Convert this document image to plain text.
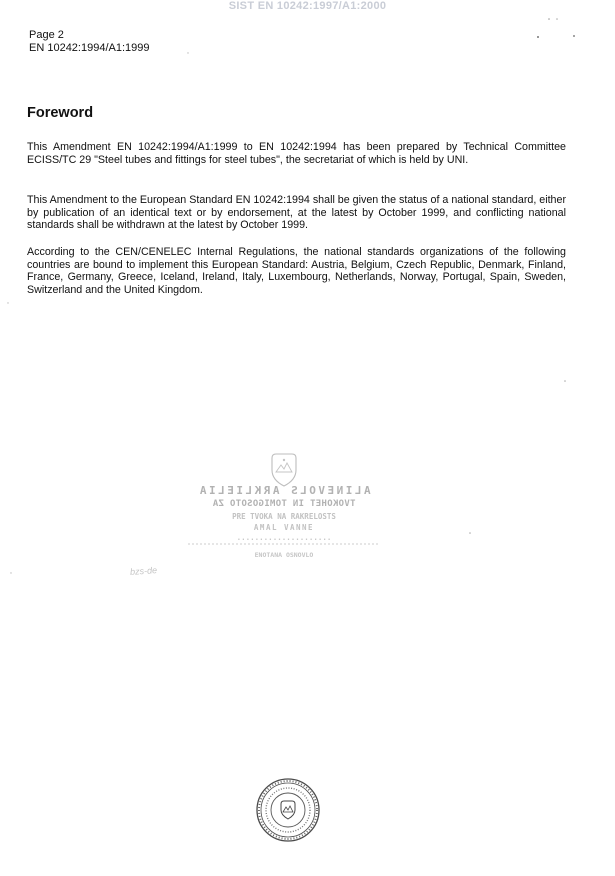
SIST EN 10242:1997/A1:2000
Page 2
EN 10242:1994/A1:1999
Foreword

This Amendment EN 10242:1994/A1:1999 to EN 10242:1994 has been prepared by Technical Committee ECISS/TC 29 "Steel tubes and fittings for steel tubes", the secretariat of which is held by UNI.

This Amendment to the European Standard EN 10242:1994 shall be given the status of a national standard, either by publication of an identical text or by endorsement, at the latest by October 1999, and conflicting national standards shall be withdrawn at the latest by October 1999.

According to the CEN/CENELEC Internal Regulations, the national standards organizations of the following countries are bound to implement this European Standard: Austria, Belgium, Czech Republic, Denmark, Finland, France, Germany, Greece, Iceland, Ireland, Italy, Luxembourg, Netherlands, Norway, Portugal, Spain, Sweden, Switzerland and the United Kingdom.

ALINEVOLS ARKLIELIA
TVOKOHET IN TOMIGOSOTO ZA
PRE TVOKA NA RAKRELOSTS
AMAL VANNE
.....................
ENOTANA OSNOVLO
bzs-de
